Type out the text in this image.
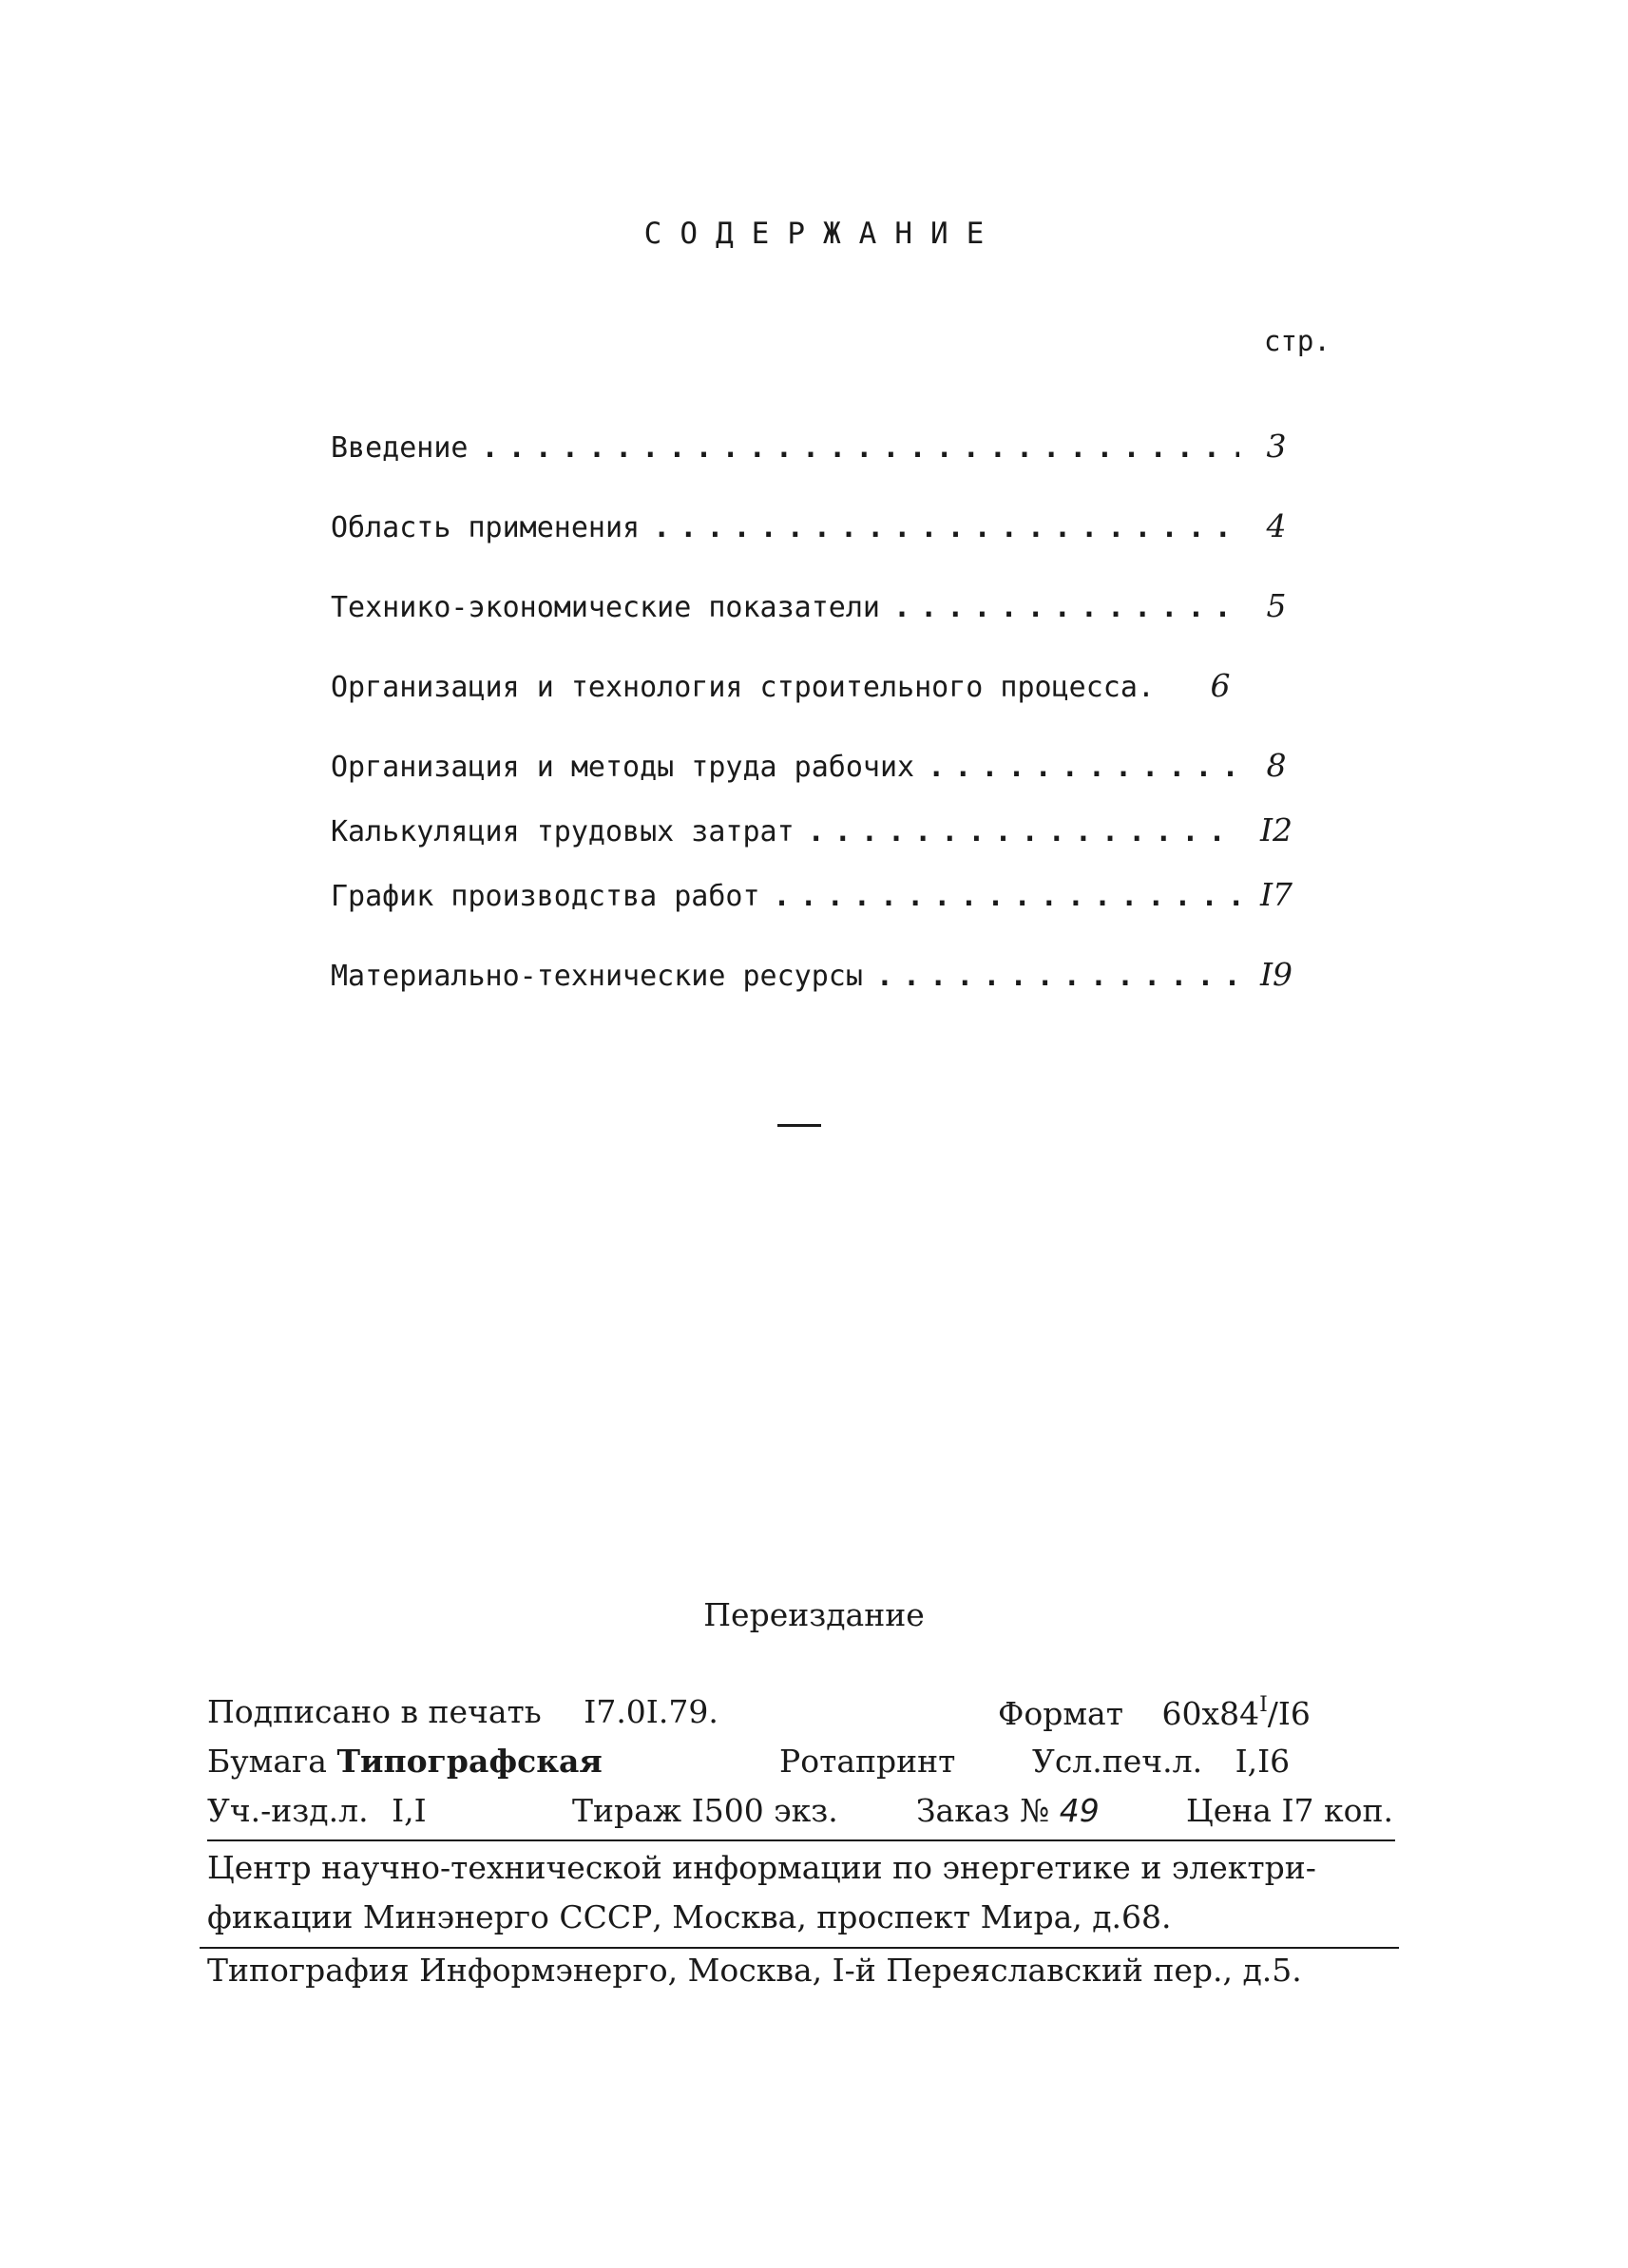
СОДЕРЖАНИЕ
стр.
Введение . . .	3
Область применения . . .	4
Технико-экономические показатели . . .	5
Организация и технология строительного процесса.	6
Организация и методы труда рабочих . . .	8
Калькуляция трудовых затрат . . .	I2
График производства работ . . .	I7
Материально-технические ресурсы . . .	I9
Переиздание
Подписано в печать I7.0I.79.	Формат $60x84^I/I6$
Бумага Типографская	Ротапринт Усл.печ.л. I,I6
Уч.-изд.л. I,I	Тираж I500 экз. Заказ № 49	Цена I7 коп.
Центр научно-технической информации по энергетике и электри-
фикации Минэнерго СССР, Москва, проспект Мира, д.68.
Типография Информэнерго, Москва, I-й Переяславский пер., д.5.
